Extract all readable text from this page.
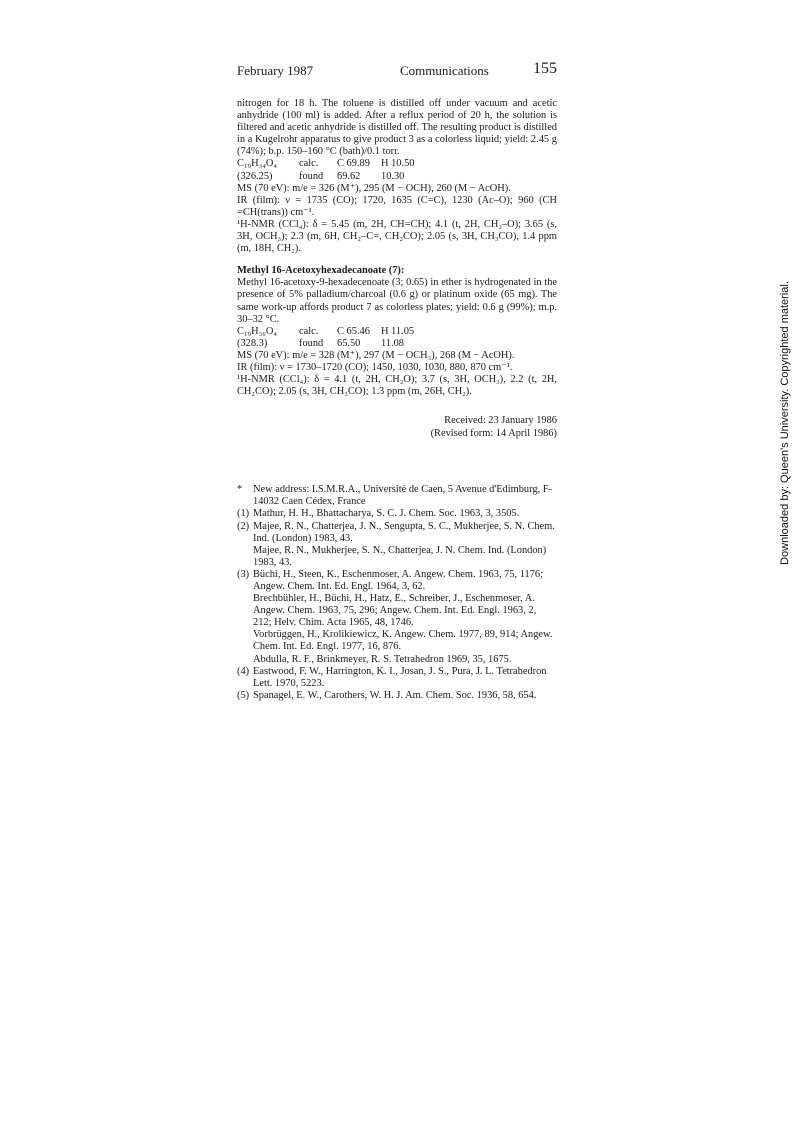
February 1987	Communications	155

nitrogen for 18 h. The toluene is distilled off under vacuum and acetic anhydride (100 ml) is added. After a reflux period of 20 h, the solution is filtered and acetic anhydride is distilled off. The resulting product is distilled in a Kugelrohr apparatus to give product 3 as a colorless liquid; yield: 2.45 g (74%); b.p. 150–160 °C (bath)/0.1 torr.

C₁₉H₃₄O₄	calc.	C 69.89	H 10.50
(326.25)	found	69.62	10.30

MS (70 eV): m/e = 326 (M⁺), 295 (M − OCH), 260 (M − AcOH).

IR (film): ν = 1735 (CO); 1720, 1635 (C=C), 1230 (Ac–O); 960 (CH =CH(trans)) cm⁻¹.

¹H-NMR (CCl₄): δ = 5.45 (m, 2H, CH=CH); 4.1 (t, 2H, CH₂–O); 3.65 (s, 3H, OCH₃); 2.3 (m, 6H, CH₂–C=, CH₂CO); 2.05 (s, 3H, CH₃CO), 1.4 ppm (m, 18H, CH₂).

Methyl 16-Acetoxyhexadecanoate (7):

Methyl 16-acetoxy-9-hexadecenoate (3; 0.65) in ether is hydrogenated in the presence of 5% palladium/charcoal (0.6 g) or platinum oxide (65 mg). The same work-up affords product 7 as colorless plates; yield: 0.6 g (99%); m.p. 30–32 °C.

C₁₉H₃₆O₄	calc.	C 65.46	H 11.05
(328.3)	found	65.50	11.08

MS (70 eV): m/e = 328 (M⁺), 297 (M − OCH₃), 268 (M − AcOH).

IR (film): ν = 1730–1720 (CO); 1450, 1030, 1030, 880, 870 cm⁻¹.

¹H-NMR (CCl₄): δ = 4.1 (t, 2H, CH₂O); 3.7 (s, 3H, OCH₃), 2.2 (t, 2H, CH₂CO); 2.05 (s, 3H, CH₃CO); 1.3 ppm (m, 26H, CH₂).

Received: 23 January 1986
(Revised form: 14 April 1986)
*	New address: I.S.M.R.A., Université de Caen, 5 Avenue d'Edimburg, F-14032 Caen Cédex, France

(1) Mathur, H. H., Bhattacharya, S. C. J. Chem. Soc. 1963, 3, 3505.

(2) Majee, R. N., Chatterjea, J. N., Sengupta, S. C., Mukherjee, S. N. Chem. Ind. (London) 1983, 43.

Majee, R. N., Mukherjee, S. N., Chatterjea, J. N. Chem. Ind. (London) 1983, 43.

(3) Büchi, H., Steen, K., Eschenmoser, A. Angew. Chem. 1963, 75, 1176; Angew. Chem. Int. Ed. Engl. 1964, 3, 62.

Brechbühler, H., Büchi, H., Hatz, E., Schreiber, J., Eschenmoser, A. Angew. Chem. 1963, 75, 296; Angew. Chem. Int. Ed. Engl. 1963, 2, 212; Helv. Chim. Acta 1965, 48, 1746.

Vorbrüggen, H., Krolikiewicz, K. Angew. Chem. 1977, 89, 914; Angew. Chem. Int. Ed. Engl. 1977, 16, 876.

Abdulla, R. F., Brinkmeyer, R. S. Tetrahedron 1969, 35, 1675.

(4) Eastwood, F. W., Harrington, K. I., Josan, J. S., Pura, J. L. Tetrahedron Lett. 1970, 5223.

(5) Spanagel, E. W., Carothers, W. H. J. Am. Chem. Soc. 1936, 58, 654.

Downloaded by: Queen's University. Copyrighted material.
